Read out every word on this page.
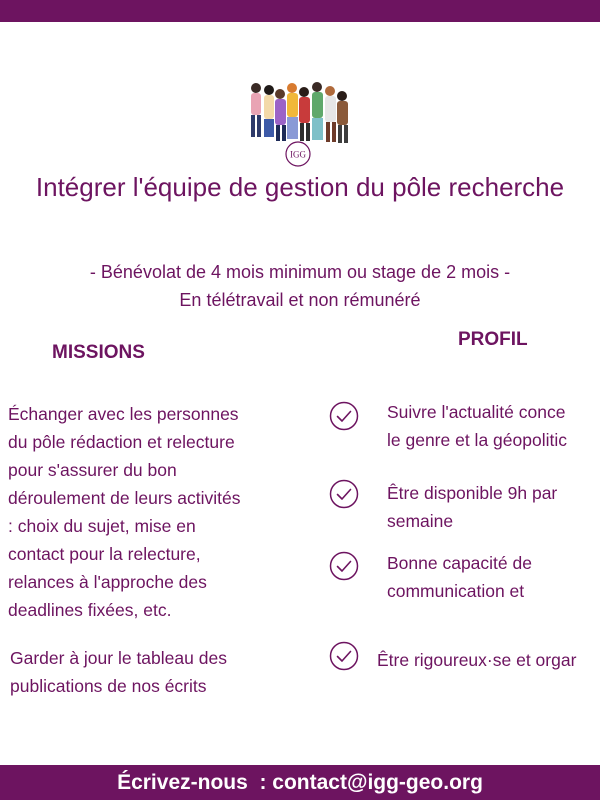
IGG
Intégrer l'équipe de gestion du pôle recherche
- Bénévolat de 4 mois minimum ou stage de 2 mois -
En télétravail et non rémunéré
MISSIONS
PROFIL
Échanger avec les personnes
du pôle rédaction et relecture
pour s'assurer du bon
déroulement de leurs activités
: choix du sujet, mise en
contact pour la relecture,
relances à l'approche des
deadlines fixées, etc.
Garder à jour le tableau des
publications de nos écrits
Suivre l'actualité conce
le genre et la géopolitic
Être disponible 9h par
semaine
Bonne capacité de
communication et
Être rigoureux·se et orgar
Écrivez-nous  : contact@igg-geo.org
